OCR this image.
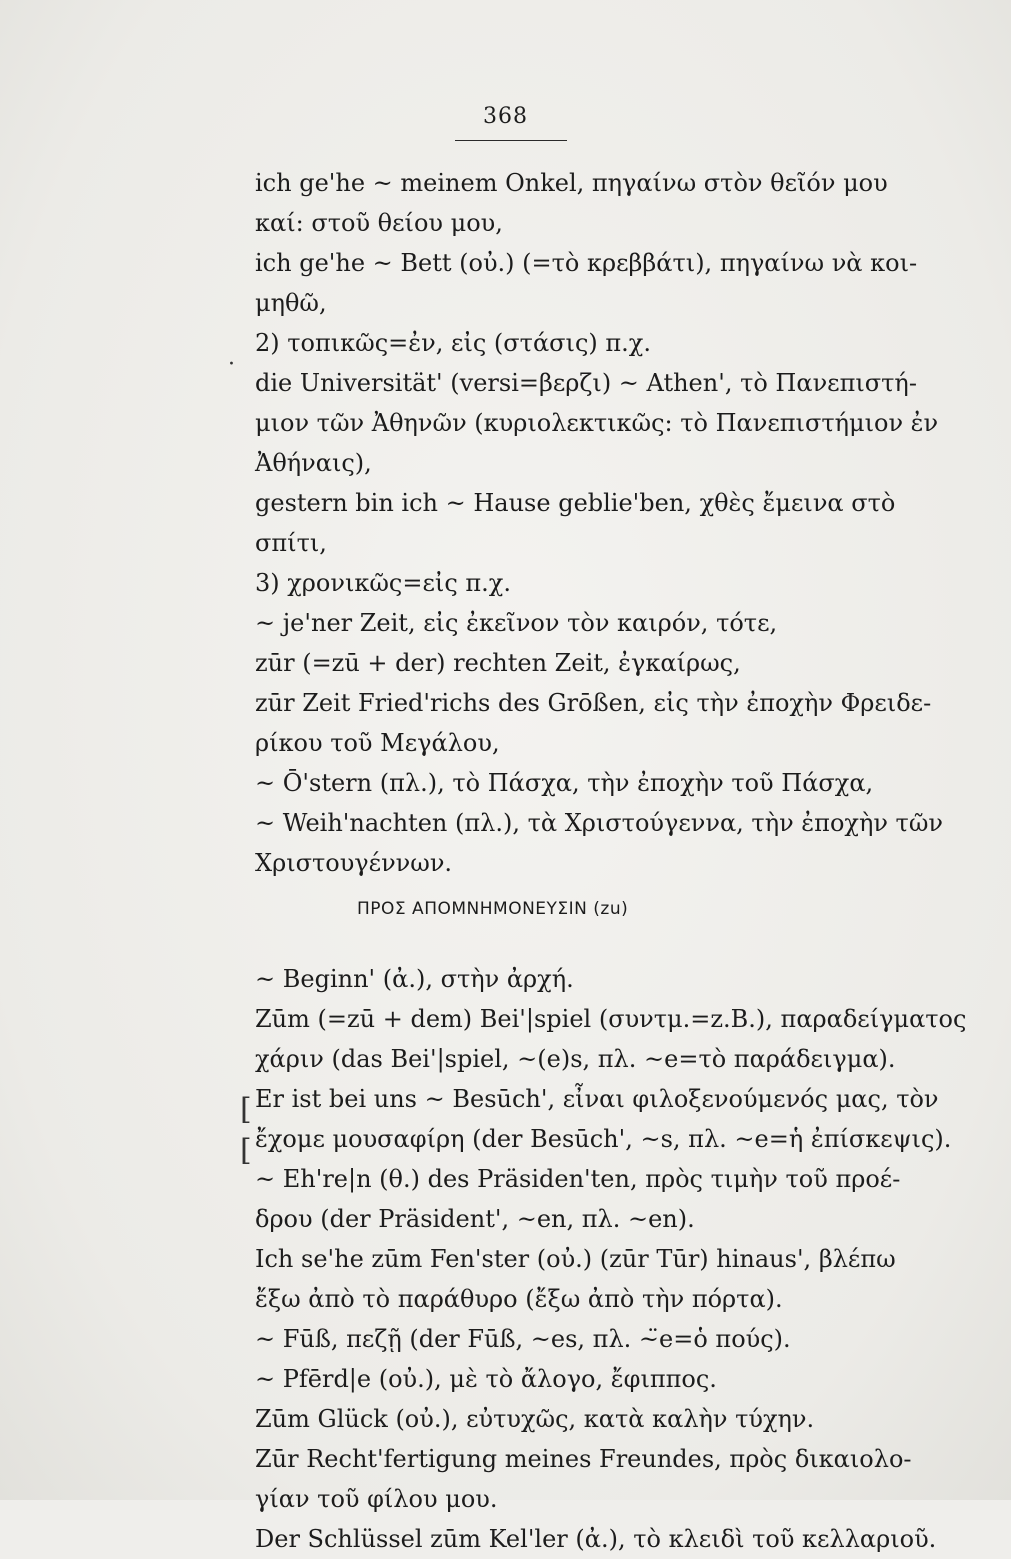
368
·
[
[
ich ge'he ~ meinem Onkel, πηγαίνω στὸν θεῖόν μου
καί: στοῦ θείου μου,
ich ge'he ~ Bett (οὐ.) (=τὸ κρεββάτι), πηγαίνω νὰ κοι-
μηθῶ,
2) τοπικῶς=ἐν, εἰς (στάσις) π.χ.
die Universität' (versi=βερζι) ~ Athen', τὸ Πανεπιστή-
μιον τῶν Ἀθηνῶν (κυριολεκτικῶς: τὸ Πανεπιστήμιον ἐν
Ἀθήναις),
gestern bin ich ~ Hause geblie'ben, χθὲς ἔμεινα στὸ
σπίτι,
3) χρονικῶς=εἰς π.χ.
~ je'ner Zeit, εἰς ἐκεῖνον τὸν καιρόν, τότε,
zūr (=zū + der) rechten Zeit, ἐγκαίρως,
zūr Zeit Fried'richs des Grōßen, εἰς τὴν ἐποχὴν Φρειδε-
ρίκου τοῦ Μεγάλου,
~ Ō'stern (πλ.), τὸ Πάσχα, τὴν ἐποχὴν τοῦ Πάσχα,
~ Weih'nachten (πλ.), τὰ Χριστούγεννα, τὴν ἐποχὴν τῶν
Χριστουγέννων.
ΠΡΟΣ ΑΠΟΜΝΗΜΟΝΕΥΣΙΝ (zu)
~ Beginn' (ἀ.), στὴν ἀρχή.
Zūm (=zū + dem) Bei'|spiel (συντμ.=z.B.), παραδείγματος
χάριν (das Bei'|spiel, ~(e)s, πλ. ~e=τὸ παράδειγμα).
Er ist bei uns ~ Besūch', εἶναι φιλοξενούμενός μας, τὸν
ἔχομε μουσαφίρη (der Besūch', ~s, πλ. ~e=ἡ ἐπίσκεψις).
~ Eh're|n (θ.) des Präsiden'ten, πρὸς τιμὴν τοῦ προέ-
δρου (der Präsident', ~en, πλ. ~en).
Ich se'he zūm Fen'ster (οὐ.) (zūr Tūr) hinaus', βλέπω
ἔξω ἀπὸ τὸ παράθυρο (ἔξω ἀπὸ τὴν πόρτα).
~ Fūß, πεζῇ (der Fūß, ~es, πλ. ~̈e=ὁ πούς).
~ Pfērd|e (οὐ.), μὲ τὸ ἄλογο, ἔφιππος.
Zūm Glück (οὐ.), εὐτυχῶς, κατὰ καλὴν τύχην.
Zūr Recht'fertigung meines Freundes, πρὸς δικαιολο-
γίαν τοῦ φίλου μου.
Der Schlüssel zūm Kel'ler (ἀ.), τὸ κλειδὶ τοῦ κελλαριοῦ.
